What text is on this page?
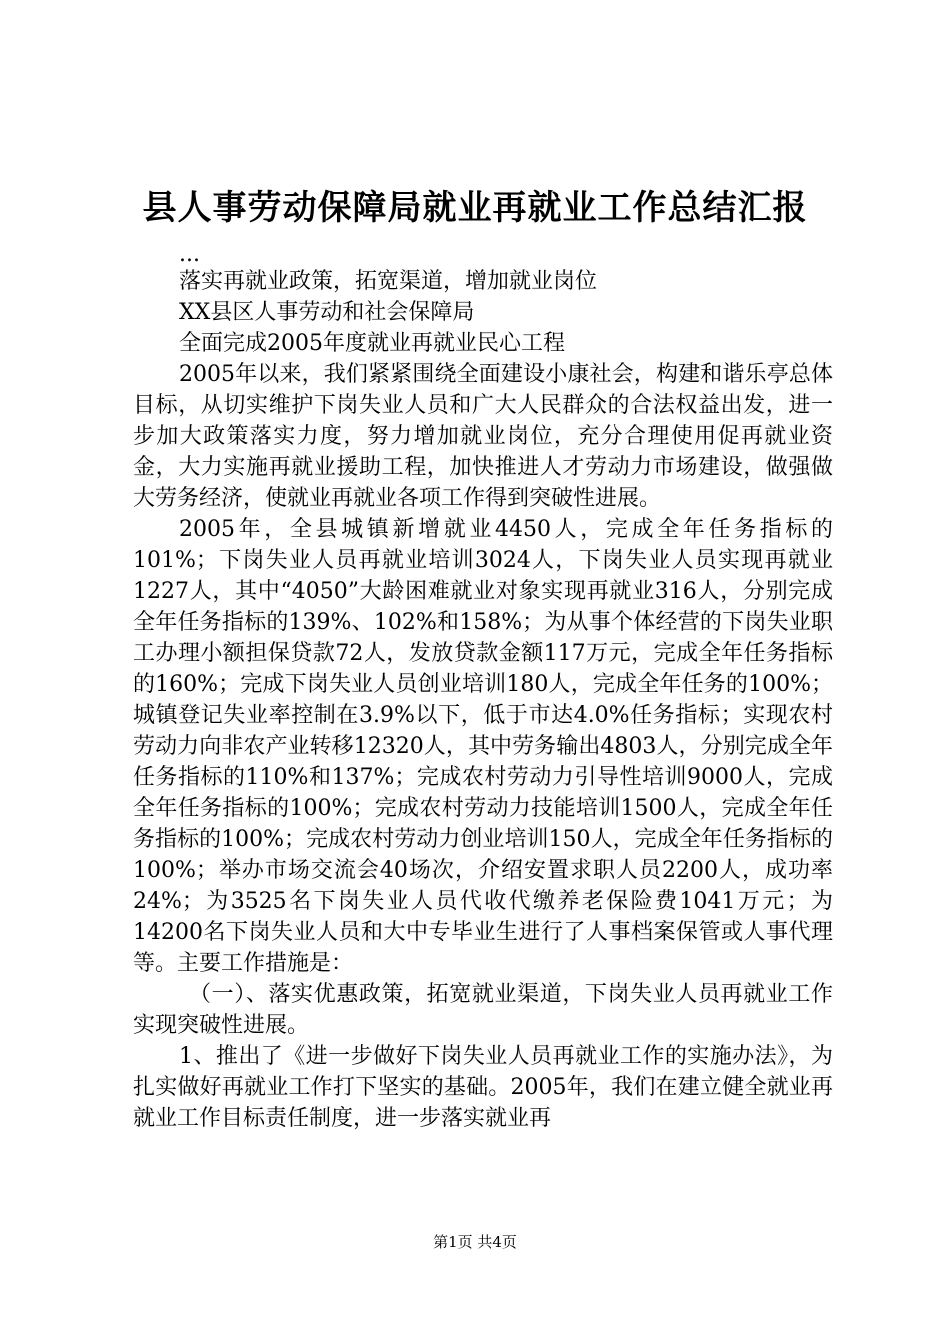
县人事劳动保障局就业再就业工作总结汇报

...

落实再就业政策，拓宽渠道，增加就业岗位

XX县区人事劳动和社会保障局

全面完成2005年度就业再就业民心工程

2005年以来，我们紧紧围绕全面建设小康社会，构建和谐乐亭总体目标，从切实维护下岗失业人员和广大人民群众的合法权益出发，进一步加大政策落实力度，努力增加就业岗位，充分合理使用促再就业资金，大力实施再就业援助工程，加快推进人才劳动力市场建设，做强做大劳务经济，使就业再就业各项工作得到突破性进展。

2005年，全县城镇新增就业4450人，完成全年任务指标的101%；下岗失业人员再就业培训3024人，下岗失业人员实现再就业1227人，其中“4050”大龄困难就业对象实现再就业316人，分别完成全年任务指标的139%、102%和158%；为从事个体经营的下岗失业职工办理小额担保贷款72人，发放贷款金额117万元，完成全年任务指标的160%；完成下岗失业人员创业培训180人，完成全年任务的100%；城镇登记失业率控制在3.9%以下，低于市达4.0%任务指标；实现农村劳动力向非农产业转移12320人，其中劳务输出4803人，分别完成全年任务指标的110%和137%；完成农村劳动力引导性培训9000人，完成全年任务指标的100%；完成农村劳动力技能培训1500人，完成全年任务指标的100%；完成农村劳动力创业培训150人，完成全年任务指标的100%；举办市场交流会40场次，介绍安置求职人员2200人，成功率24%；为3525名下岗失业人员代收代缴养老保险费1041万元；为14200名下岗失业人员和大中专毕业生进行了人事档案保管或人事代理等。主要工作措施是：

（一）、落实优惠政策，拓宽就业渠道，下岗失业人员再就业工作实现突破性进展。

1、推出了《进一步做好下岗失业人员再就业工作的实施办法》，为扎实做好再就业工作打下坚实的基础。2005年，我们在建立健全就业再就业工作目标责任制度，进一步落实就业再

第1页 共4页
